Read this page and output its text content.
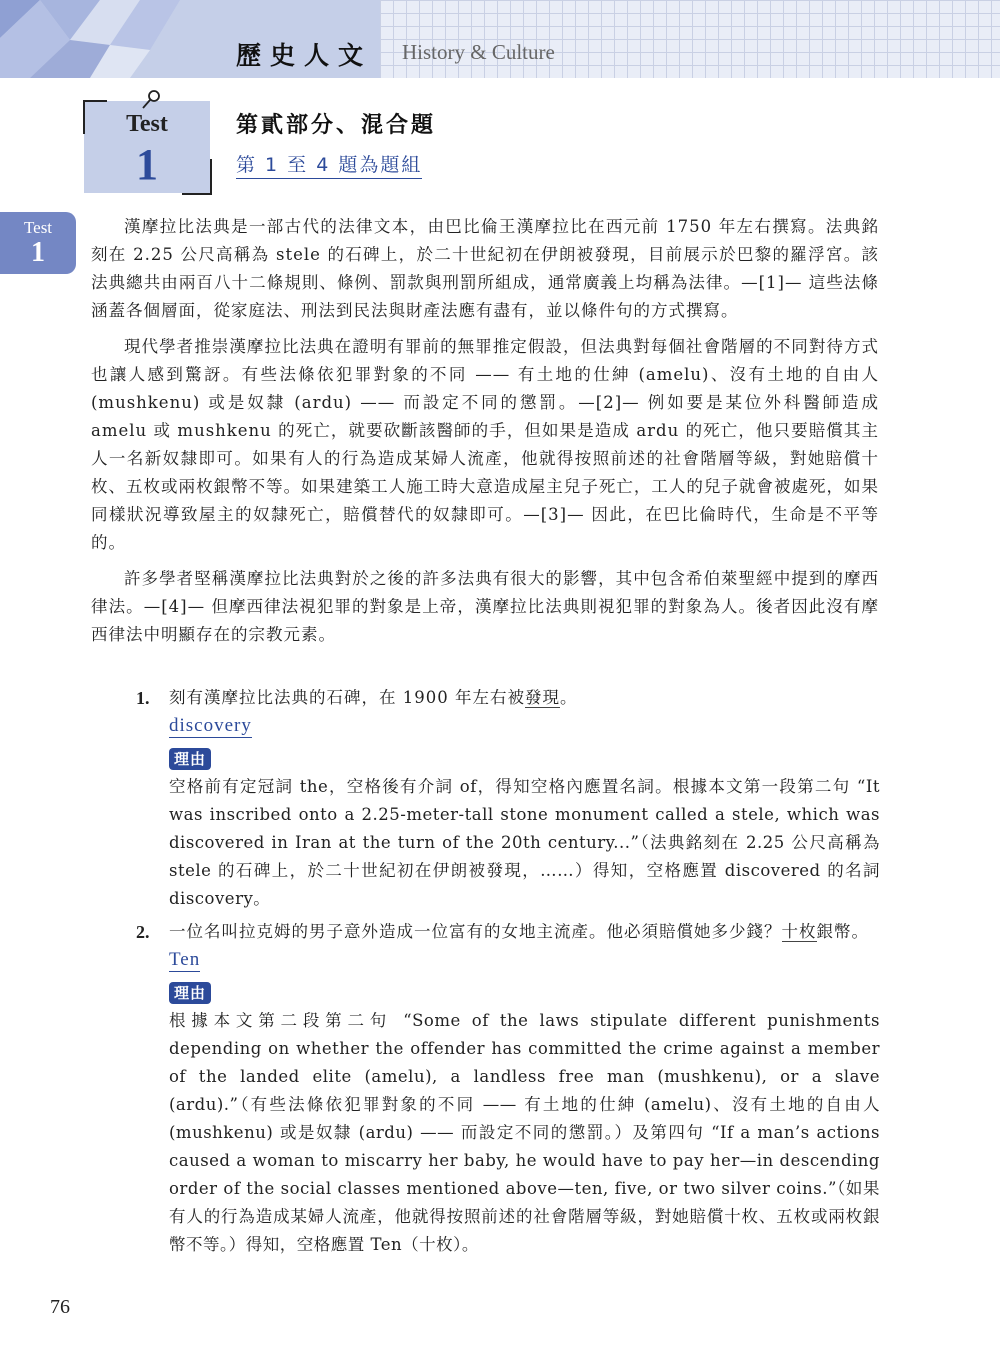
歷史人文 History & Culture
Test
1
第貳部分、混合題
第 1 至 4 題為題組
Test
1

漢摩拉比法典是一部古代的法律文本，由巴比倫王漢摩拉比在西元前 1750 年左右撰寫。法典銘刻在 2.25 公尺高稱為 stele 的石碑上，於二十世紀初在伊朗被發現，目前展示於巴黎的羅浮宮。該法典總共由兩百八十二條規則、條例、罰款與刑罰所組成，通常廣義上均稱為法律。—[1]— 這些法條涵蓋各個層面，從家庭法、刑法到民法與財產法應有盡有，並以條件句的方式撰寫。

現代學者推崇漢摩拉比法典在證明有罪前的無罪推定假設，但法典對每個社會階層的不同對待方式也讓人感到驚訝。有些法條依犯罪對象的不同 —— 有土地的仕紳 (amelu)、沒有土地的自由人 (mushkenu) 或是奴隸 (ardu) —— 而設定不同的懲罰。—[2]— 例如要是某位外科醫師造成 amelu 或 mushkenu 的死亡，就要砍斷該醫師的手，但如果是造成 ardu 的死亡，他只要賠償其主人一名新奴隸即可。如果有人的行為造成某婦人流產，他就得按照前述的社會階層等級，對她賠償十枚、五枚或兩枚銀幣不等。如果建築工人施工時大意造成屋主兒子死亡，工人的兒子就會被處死，如果同樣狀況導致屋主的奴隸死亡，賠償替代的奴隸即可。—[3]— 因此，在巴比倫時代，生命是不平等的。

許多學者堅稱漢摩拉比法典對於之後的許多法典有很大的影響，其中包含希伯萊聖經中提到的摩西律法。—[4]— 但摩西律法視犯罪的對象是上帝，漢摩拉比法典則視犯罪的對象為人。後者因此沒有摩西律法中明顯存在的宗教元素。

1. 刻有漢摩拉比法典的石碑，在 1900 年左右被發現。
discovery
理由
空格前有定冠詞 the，空格後有介詞 of，得知空格內應置名詞。根據本文第一段第二句 “It was inscribed onto a 2.25-meter-tall stone monument called a stele, which was discovered in Iran at the turn of the 20th century...”（法典銘刻在 2.25 公尺高稱為 stele 的石碑上，於二十世紀初在伊朗被發現，……）得知，空格應置 discovered 的名詞 discovery。
2. 一位名叫拉克姆的男子意外造成一位富有的女地主流產。他必須賠償她多少錢？十枚銀幣。
Ten
理由
根據本文第二段第二句 “Some of the laws stipulate different punishments depending on whether the offender has committed the crime against a member of the landed elite (amelu), a landless free man (mushkenu), or a slave (ardu).”（有些法條依犯罪對象的不同 —— 有土地的仕紳 (amelu)、沒有土地的自由人 (mushkenu) 或是奴隸 (ardu) —— 而設定不同的懲罰。）及第四句 “If a man’s actions caused a woman to miscarry her baby, he would have to pay her—in descending order of the social classes mentioned above—ten, five, or two silver coins.”（如果有人的行為造成某婦人流產，他就得按照前述的社會階層等級，對她賠償十枚、五枚或兩枚銀幣不等。）得知，空格應置 Ten（十枚）。
76
